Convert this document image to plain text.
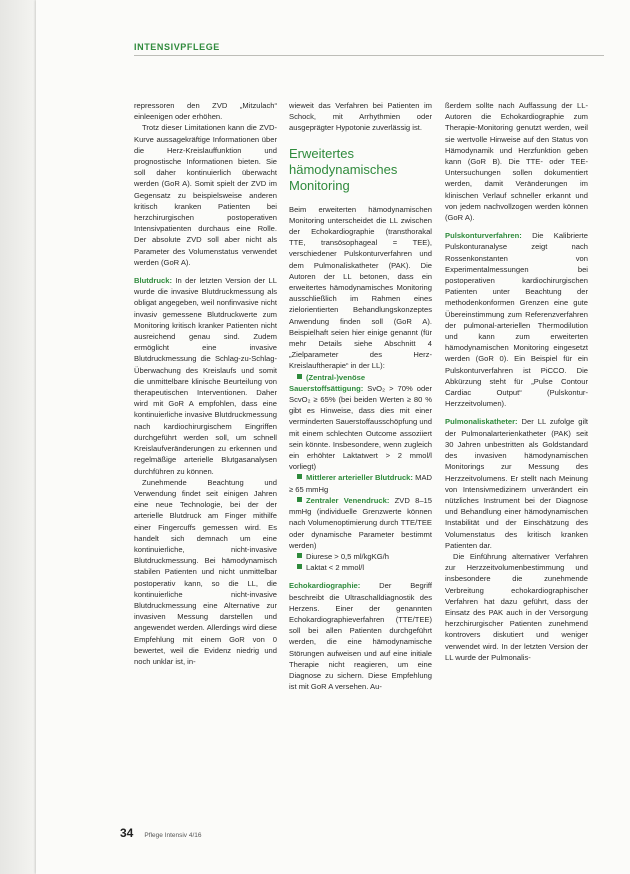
INTENSIVPFLEGE

repressoren den ZVD „Mitzulach“ einleenigen oder erhöhen.

Trotz dieser Limitationen kann die ZVD-Kurve aussagekräftige Informationen über die Herz-Kreislauffunktion und prognostische Informationen bieten. Sie soll daher kontinuierlich überwacht werden (GoR A). Somit spielt der ZVD im Gegensatz zu beispielsweise anderen kritisch kranken Patienten bei herzchirurgischen postoperativen Intensivpatienten durchaus eine Rolle. Der absolute ZVD soll aber nicht als Parameter des Volumenstatus verwendet werden (GoR A).

Blutdruck: In der letzten Version der LL wurde die invasive Blutdruckmessung als obligat angegeben, weil nonfinvasive nicht invasiv gemessene Blutdruckwerte zum Monitoring kritisch kranker Patienten nicht ausreichend genau sind. Zudem ermöglicht eine invasive Blutdruckmessung die Schlag-zu-Schlag-Überwachung des Kreislaufs und somit die unmittelbare klinische Beurteilung von therapeutischen Interventionen. Daher wird mit GoR A empfohlen, dass eine kontinuierliche invasive Blutdruckmessung nach kardiochirurgischem Eingriffen durchgeführt werden soll, um schnell Kreislaufveränderungen zu erkennen und regelmäßige arterielle Blutgasanalysen durchführen zu können.

Zunehmende Beachtung und Verwendung findet seit einigen Jahren eine neue Technologie, bei der der arterielle Blutdruck am Finger mithilfe einer Fingercuffs gemessen wird. Es handelt sich demnach um eine kontinuierliche, nicht-invasive Blutdruckmessung. Bei hämodynamisch stabilen Patienten und nicht unmittelbar postoperativ kann, so die LL, die kontinuierliche nicht-invasive Blutdruckmessung eine Alternative zur invasiven Messung darstellen und angewendet werden. Allerdings wird diese Empfehlung mit einem GoR von 0 bewertet, weil die Evidenz niedrig und noch unklar ist, in-

wieweit das Verfahren bei Patienten im Schock, mit Arrhythmien oder ausgeprägter Hypotonie zuverlässig ist.

Erweitertes hämodynamisches Monitoring

Beim erweiterten hämodynamischen Monitoring unterscheidet die LL zwischen der Echokardiographie (transthorakal TTE, transösophageal = TEE), verschiedener Pulskonturverfahren und dem Pulmonaliskatheter (PAK). Die Autoren der LL betonen, dass ein erweitertes hämodynamisches Monitoring ausschließlich im Rahmen eines zielorientierten Behandlungskonzeptes Anwendung finden soll (GoR A). Beispielhaft seien hier einige genannt (für mehr Details siehe Abschnitt 4 „Zielparameter des Herz-Kreislauftherapie“ in der LL):

(Zentral-)venöse Sauerstoffsättigung: SvO₂ > 70% oder ScvO₂ ≥ 65% (bei beiden Werten ≥ 80 % gibt es Hinweise, dass dies mit einer verminderten Sauerstoffausschöpfung und mit einem schlechten Outcome assoziiert sein könnte. Insbesondere, wenn zugleich ein erhöhter Laktatwert > 2 mmol/l vorliegt)

Mittlerer arterieller Blutdruck: MAD ≥ 65 mmHg

Zentraler Venendruck: ZVD 8–15 mmHg (individuelle Grenzwerte können nach Volumenoptimierung durch TTE/TEE oder dynamische Parameter bestimmt werden)

Diurese > 0,5 ml/kgKG/h

Laktat < 2 mmol/l

Echokardiographie: Der Begriff beschreibt die Ultraschalldiagnostik des Herzens. Einer der genannten Echokardiographieverfahren (TTE/TEE) soll bei allen Patienten durchgeführt werden, die eine hämodynamische Störungen aufweisen und auf eine initiale Therapie nicht reagieren, um eine Diagnose zu sichern. Diese Empfehlung ist mit GoR A versehen. Au-

ßerdem sollte nach Auffassung der LL-Autoren die Echokardiographie zum Therapie-Monitoring genutzt werden, weil sie wertvolle Hinweise auf den Status von Hämodynamik und Herzfunktion geben kann (GoR B). Die TTE- oder TEE-Untersuchungen sollen dokumentiert werden, damit Veränderungen im klinischen Verlauf schneller erkannt und von jedem nachvollzogen werden können (GoR A).

Pulskonturverfahren: Die Kalibrierte Pulskonturanalyse zeigt nach Rossenkonstanten von Experimentalmessungen bei postoperativen kardiochirurgischen Patienten unter Beachtung der methodenkonformen Grenzen eine gute Übereinstimmung zum Referenzverfahren der pulmonal-arteriellen Thermodilution und kann zum erweiterten hämodynamischen Monitoring eingesetzt werden (GoR 0). Ein Beispiel für ein Pulskonturverfahren ist PiCCO. Die Abkürzung steht für „Pulse Contour Cardiac Output“ (Pulskontur-Herzzeitvolumen).

Pulmonaliskatheter: Der LL zufolge gilt der Pulmonalarterienkatheter (PAK) seit 30 Jahren unbestritten als Goldstandard des invasiven hämodynamischen Monitorings zur Messung des Herzzeitvolumens. Er stellt nach Meinung von Intensivmedizinern unverändert ein nützliches Instrument bei der Diagnose und Behandlung einer hämodynamischen Instabilität und der Einschätzung des Volumenstatus des kritisch kranken Patienten dar.

Die Einführung alternativer Verfahren zur Herzzeitvolumenbestimmung und insbesondere die zunehmende Verbreitung echokardiographischer Verfahren hat dazu geführt, dass der Einsatz des PAK auch in der Versorgung herzchirurgischer Patienten zunehmend kontrovers diskutiert und weniger verwendet wird. In der letzten Version der LL wurde der Pulmonalis-

34 Pflege Intensiv 4/16
